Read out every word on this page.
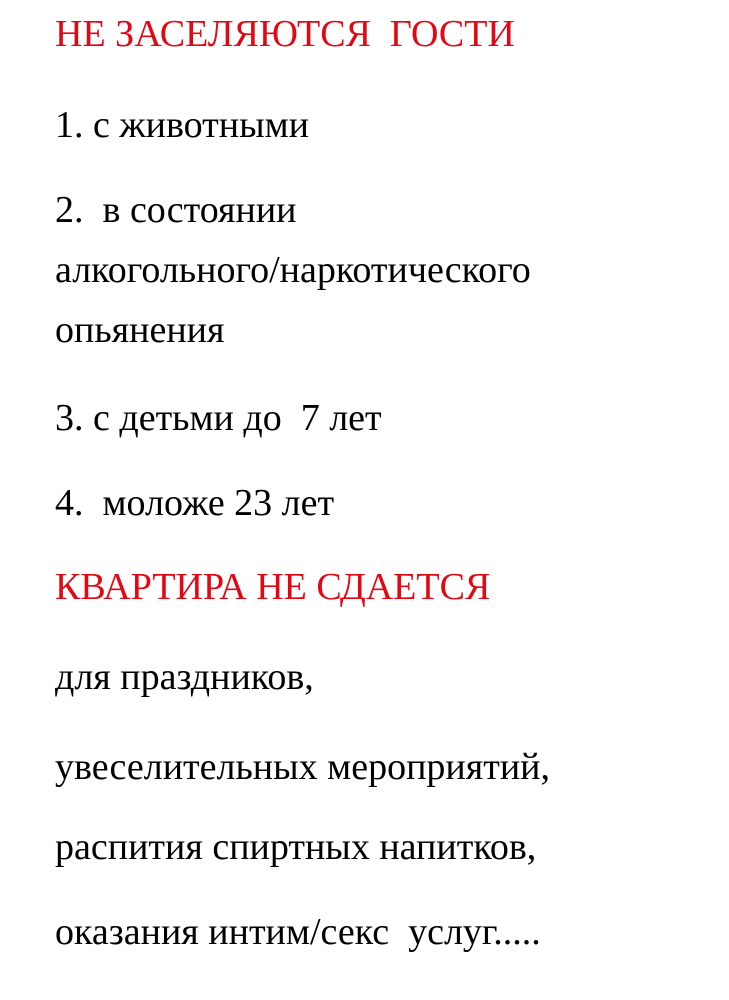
НЕ ЗАСЕЛЯЮТСЯ  ГОСТИ

1. с животными

2.  в состоянии

алкогольного/наркотического

опьянения

3. с детьми до  7 лет

4.  моложе 23 лет

КВАРТИРА НЕ СДАЕТСЯ

для праздников,

увеселительных мероприятий,

распития спиртных напитков,

оказания интим/секс  услуг.....
